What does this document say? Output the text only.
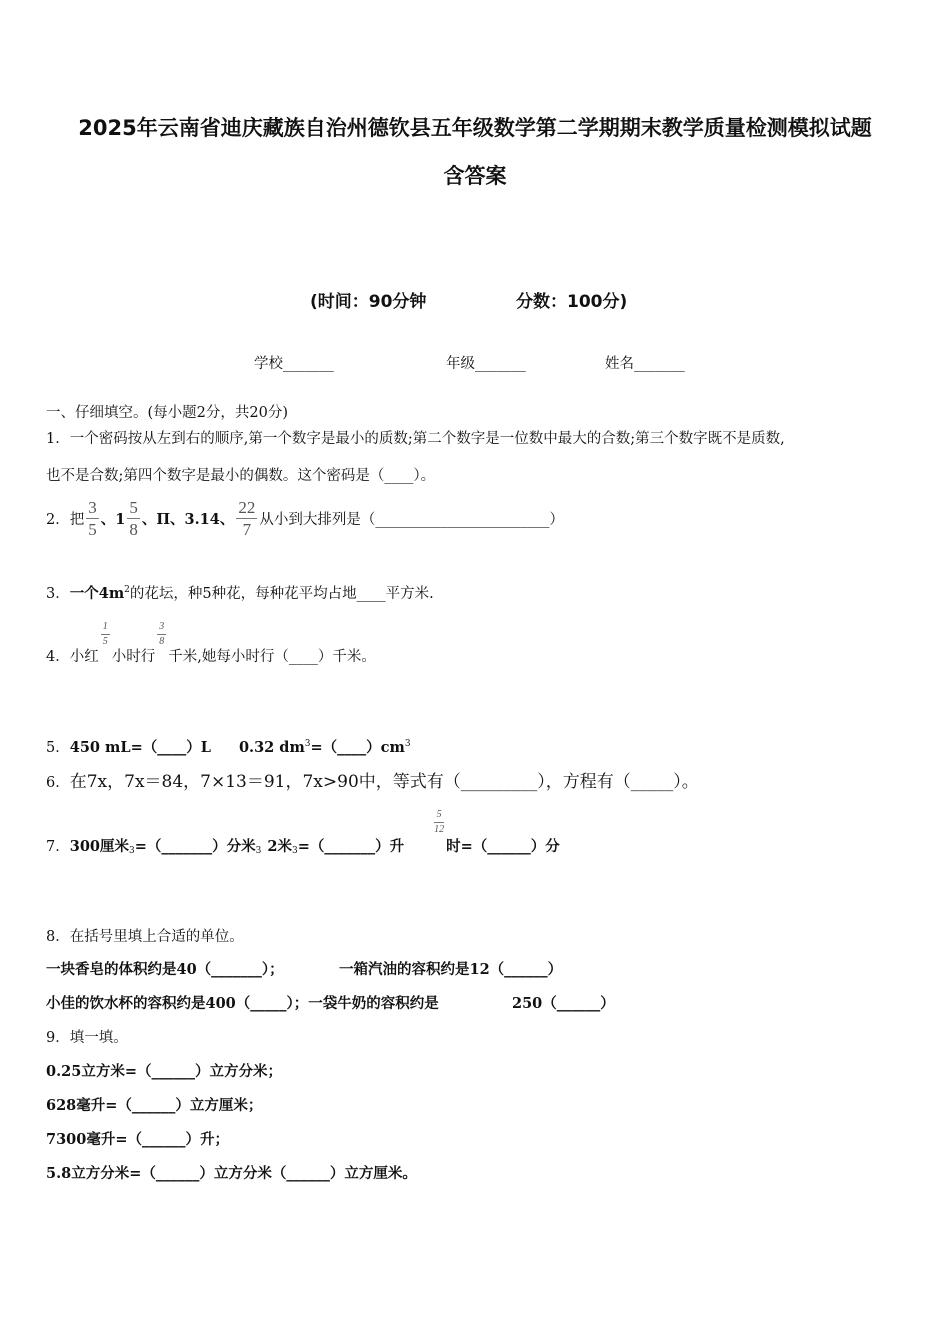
2025年云南省迪庆藏族自治州德钦县五年级数学第二学期期末教学质量检测模拟试题
含答案
(时间：90分钟	分数：100分)
学校_______	年级_______	姓名_______
一、仔细填空。(每小题2分，共20分)
1．一个密码按从左到右的顺序,第一个数字是最小的质数;第二个数字是一位数中最大的合数;第三个数字既不是质数,
也不是合数;第四个数字是最小的偶数。这个密码是（____）。
2． 把 $\frac{3}{5}$ 、$1 \frac{5}{8}$ 、Π、3.14、 $\frac{22}{7}$ 从小到大排列是（________________________）
3．一个$4m^2$的花坛，种5种花，每种花平均占地____平方米.
4． 小红
$\frac{1}{5}$
小时行
$\frac{3}{8}$
千米,她每小时行（____）千米。
5．450 mL=（____）L 0.32 $dm^3=(\_\_\_\_)cm^3$
6．在7x，7x＝84，7×13＝91，7x>90中，等式有（_________），方程有（_____）。
7． 300厘米$_3$ =（_______）分米$_3$ 2米$_3$ =（_______）升
$\frac{5}{12}$
时=（______）分
8．在括号里填上合适的单位。
一块香皂的体积约是40（_______）；	一箱汽油的容积约是12（______）
小佳的饮水杯的容积约是400（_____）；一袋牛奶的容积约是	250（______）
9．填一填。
0.25立方米=（______）立方分米；
628毫升=（______）立方厘米；
7300毫升=（______）升；
5.8立方分米=（______）立方分米（______）立方厘米。
